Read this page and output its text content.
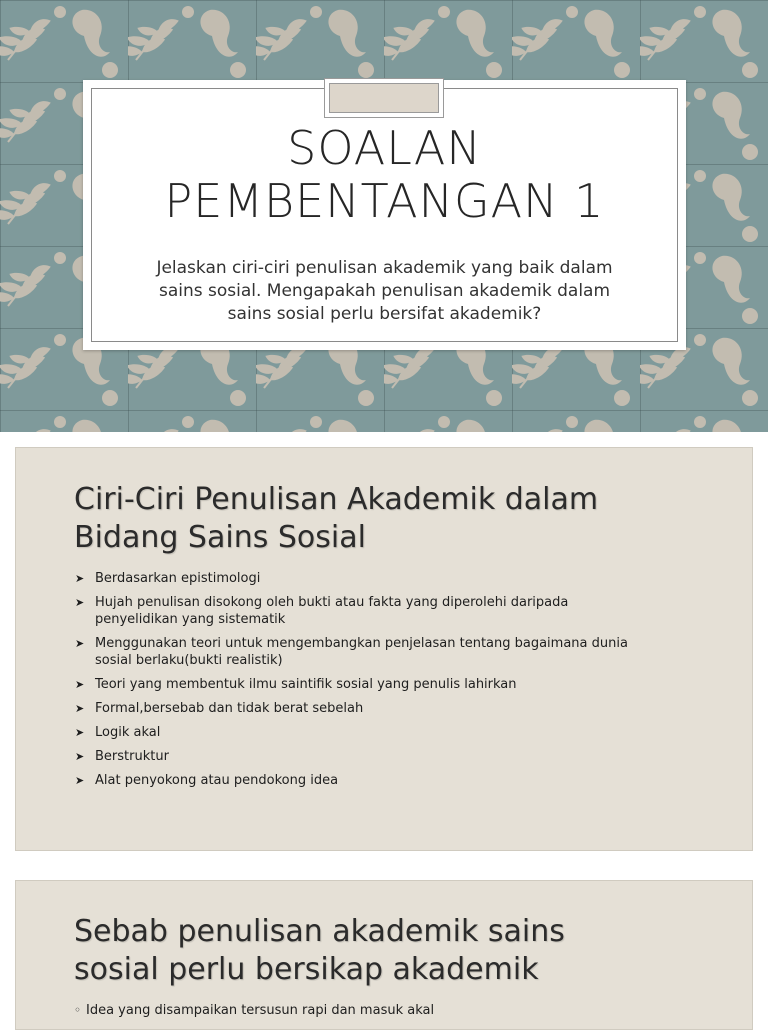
SOALAN
PEMBENTANGAN 1

Jelaskan ciri-ciri penulisan akademik yang baik dalam
sains sosial. Mengapakah penulisan akademik dalam
sains sosial perlu bersifat akademik?

Ciri-Ciri Penulisan Akademik dalam
Bidang Sains Sosial
➤ Berdasarkan epistimologi
➤ Hujah penulisan disokong oleh bukti atau fakta yang diperolehi daripada
penyelidikan yang sistematik
➤ Menggunakan teori untuk mengembangkan penjelasan tentang bagaimana dunia
sosial berlaku(bukti realistik)
➤ Teori yang membentuk ilmu saintifik sosial yang penulis lahirkan
➤ Formal,bersebab dan tidak berat sebelah
➤ Logik akal
➤ Berstruktur
➤ Alat penyokong atau pendokong idea
Sebab penulisan akademik sains
sosial perlu bersikap akademik
◦ Idea yang disampaikan tersusun rapi dan masuk akal
